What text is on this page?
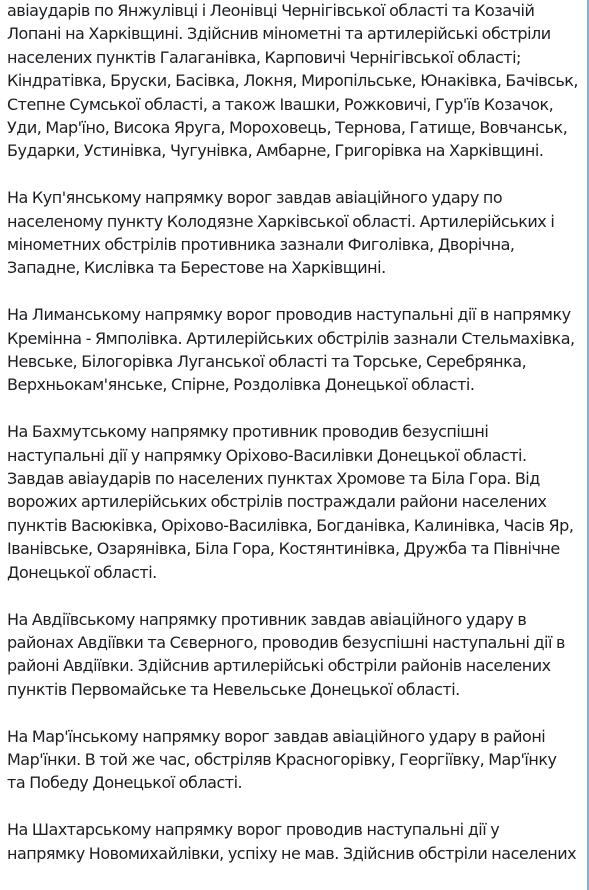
авіаударів по Янжулівці і Леонівці Чернігівської області та Козачій
Лопані на Харківщині. Здійснив мінометні та артилерійські обстріли
населених пунктів Галаганівка, Карповичі Чернігівської області;
Кіндратівка, Бруски, Басівка, Локня, Миропільське, Юнаківка, Бачівськ,
Степне Сумської області, а також Івашки, Рожковичі, Гур'їв Козачок,
Уди, Мар'їно, Висока Яруга, Мороховець, Тернова, Гатище, Вовчанськ,
Бударки, Устинівка, Чугунівка, Амбарне, Григорівка на Харківщині.

На Куп'янському напрямку ворог завдав авіаційного удару по
населеному пункту Колодязне Харківської області. Артилерійських і
мінометних обстрілів противника зазнали Фиголівка, Дворічна,
Западне, Кислівка та Берестове на Харківщині.

На Лиманському напрямку ворог проводив наступальні дії в напрямку
Кремінна - Ямполівка. Артилерійських обстрілів зазнали Стельмахівка,
Невське, Білогорівка Луганської області та Торське, Серебрянка,
Верхньокам'янське, Спірне, Роздолівка Донецької області.

На Бахмутському напрямку противник проводив безуспішні
наступальні дії у напрямку Оріхово-Василівки Донецької області.
Завдав авіаударів по населених пунктах Хромове та Біла Гора. Від
ворожих артилерійських обстрілів постраждали райони населених
пунктів Васюківка, Оріхово-Василівка, Богданівка, Калинівка, Часів Яр,
Іванівське, Озарянівка, Біла Гора, Костянтинівка, Дружба та Північне
Донецької області.

На Авдіївському напрямку противник завдав авіаційного удару в
районах Авдіївки та Сєверного, проводив безуспішні наступальні дії в
районі Авдіївки. Здійснив артилерійські обстріли районів населених
пунктів Первомайське та Невельське Донецької області.

На Мар'їнському напрямку ворог завдав авіаційного удару в районі
Мар'їнки. В той же час, обстріляв Красногорівку, Георгіївку, Мар'їнку
та Победу Донецької області.

На Шахтарському напрямку ворог проводив наступальні дії у
напрямку Новомихайлівки, успіху не мав. Здійснив обстріли населених
